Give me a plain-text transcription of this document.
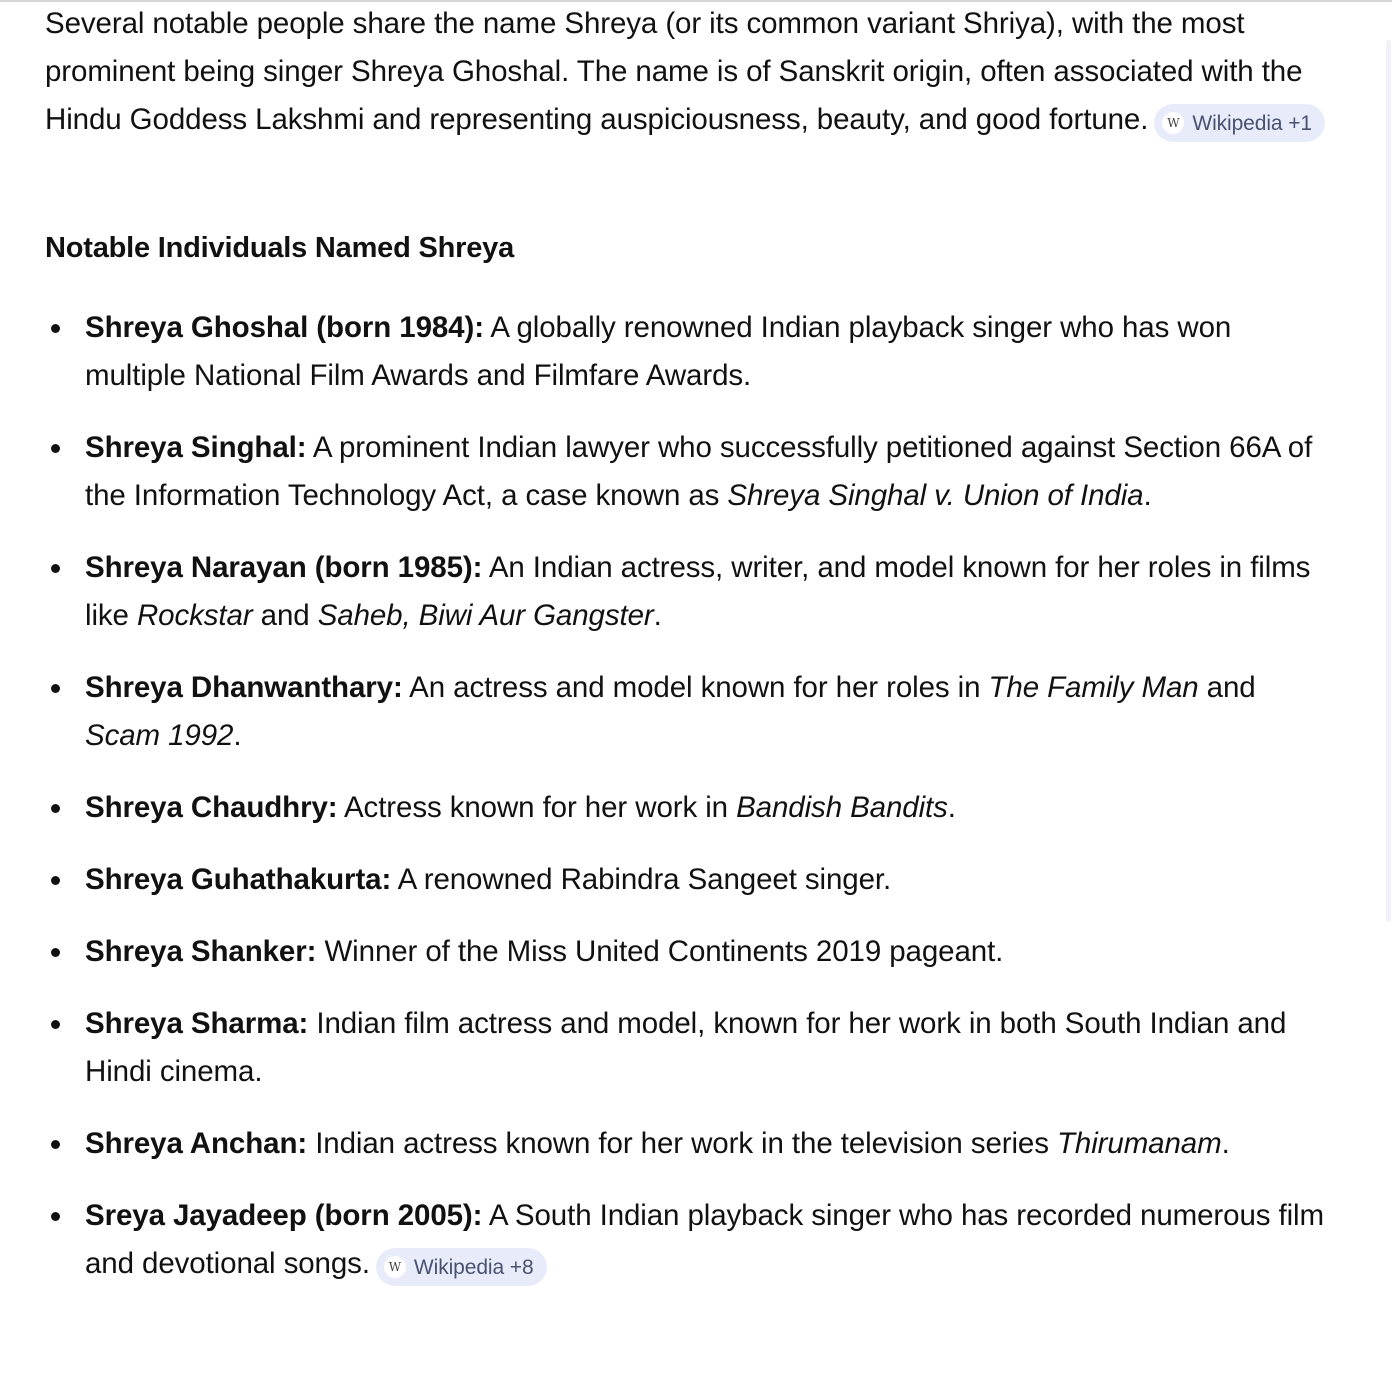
Several notable people share the name Shreya (or its common variant Shriya), with the most prominent being singer Shreya Ghoshal. The name is of Sanskrit origin, often associated with the Hindu Goddess Lakshmi and representing auspiciousness, beauty, and good fortune.	W Wikipedia +1

Notable Individuals Named Shreya
Shreya Ghoshal (born 1984): A globally renowned Indian playback singer who has won multiple National Film Awards and Filmfare Awards.
Shreya Singhal: A prominent Indian lawyer who successfully petitioned against Section 66A of the Information Technology Act, a case known as Shreya Singhal v. Union of India.
Shreya Narayan (born 1985): An Indian actress, writer, and model known for her roles in films like Rockstar and Saheb, Biwi Aur Gangster.
Shreya Dhanwanthary: An actress and model known for her roles in The Family Man and Scam 1992.
Shreya Chaudhry: Actress known for her work in Bandish Bandits.
Shreya Guhathakurta: A renowned Rabindra Sangeet singer.
Shreya Shanker: Winner of the Miss United Continents 2019 pageant.
Shreya Sharma: Indian film actress and model, known for her work in both South Indian and Hindi cinema.
Shreya Anchan: Indian actress known for her work in the television series Thirumanam.
Sreya Jayadeep (born 2005): A South Indian playback singer who has recorded numerous film and devotional songs.	W Wikipedia +8
